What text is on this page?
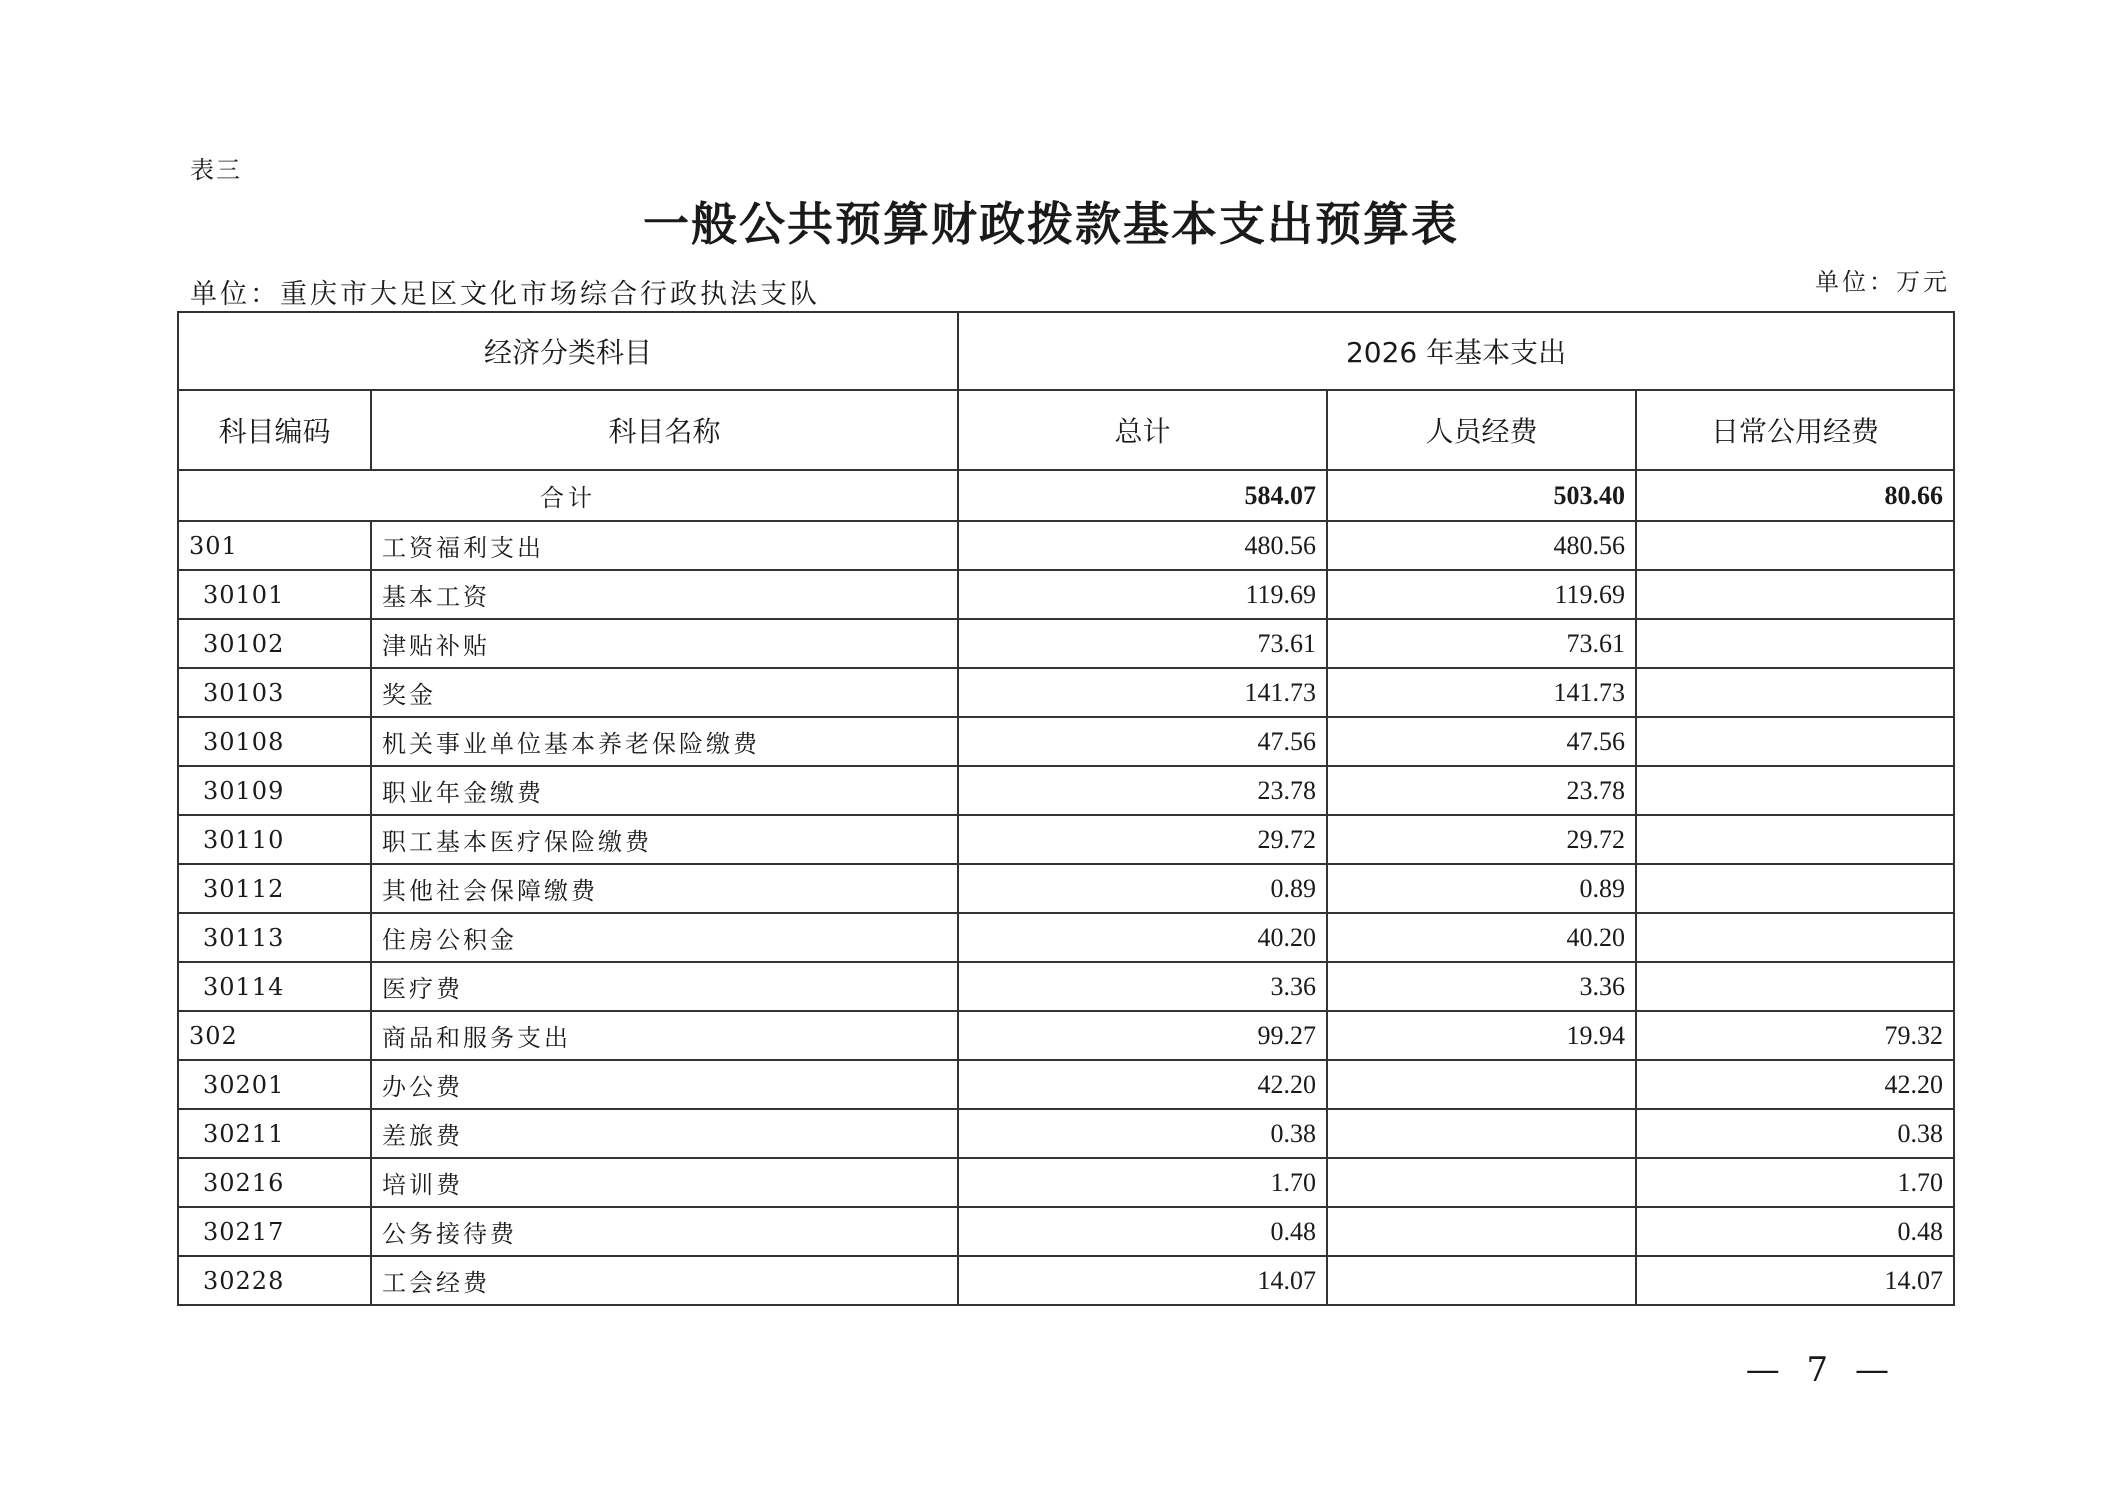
表三
一般公共预算财政拨款基本支出预算表
单位：重庆市大足区文化市场综合行政执法支队	单位：万元
经济分类科目		2026 年基本支出		
科目编码	科目名称	总计	人员经费	日常公用经费
合计		584.07	503.40	80.66
301	工资福利支出	480.56	480.56	
30101	基本工资	119.69	119.69	
30102	津贴补贴	73.61	73.61	
30103	奖金	141.73	141.73	
30108	机关事业单位基本养老保险缴费	47.56	47.56	
30109	职业年金缴费	23.78	23.78	
30110	职工基本医疗保险缴费	29.72	29.72	
30112	其他社会保障缴费	0.89	0.89	
30113	住房公积金	40.20	40.20	
30114	医疗费	3.36	3.36	
302	商品和服务支出	99.27	19.94	79.32
30201	办公费	42.20		42.20
30211	差旅费	0.38		0.38
30216	培训费	1.70		1.70
30217	公务接待费	0.48		0.48
30228	工会经费	14.07		14.07
— 7 —
